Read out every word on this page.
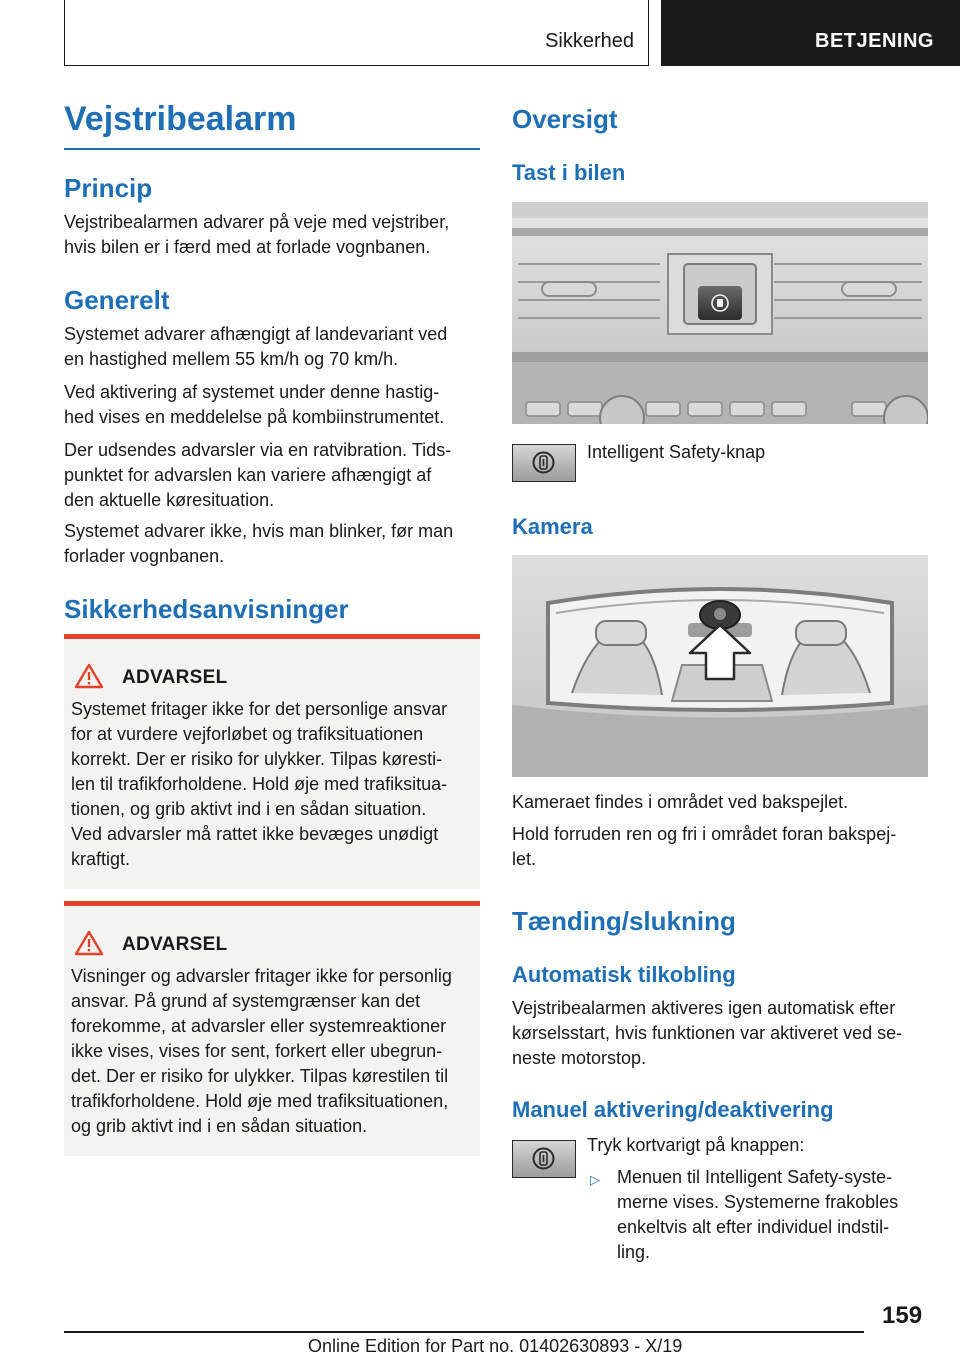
Sikkerhed	BETJENING
Vejstribealarm
Princip
Vejstribealarmen advarer på veje med vejstriber,
hvis bilen er i færd med at forlade vognbanen.
Generelt
Systemet advarer afhængigt af landevariant ved
en hastighed mellem 55 km/h og 70 km/h.
Ved aktivering af systemet under denne hastig‐
hed vises en meddelelse på kombiinstrumentet.
Der udsendes advarsler via en ratvibration. Tids‐
punktet for advarslen kan variere afhængigt af
den aktuelle køresituation.
Systemet advarer ikke, hvis man blinker, før man
forlader vognbanen.
Sikkerhedsanvisninger
ADVARSEL
Systemet fritager ikke for det personlige ansvar
for at vurdere vejforløbet og trafiksituationen
korrekt. Der er risiko for ulykker. Tilpas køresti‐
len til trafikforholdene. Hold øje med trafiksitua‐
tionen, og grib aktivt ind i en sådan situation.
Ved advarsler må rattet ikke bevæges unødigt
kraftigt.
ADVARSEL
Visninger og advarsler fritager ikke for personlig
ansvar. På grund af systemgrænser kan det
forekomme, at advarsler eller systemreaktioner
ikke vises, vises for sent, forkert eller ubegrun‐
det. Der er risiko for ulykker. Tilpas kørestilen til
trafikforholdene. Hold øje med trafiksituationen,
og grib aktivt ind i en sådan situation.
Oversigt
Tast i bilen
Intelligent Safety-knap
Kamera
Kameraet findes i området ved bakspejlet.
Hold forruden ren og fri i området foran bakspej‐
let.
Tænding/slukning
Automatisk tilkobling
Vejstribealarmen aktiveres igen automatisk efter
kørselsstart, hvis funktionen var aktiveret ved se‐
neste motorstop.
Manuel aktivering/deaktivering
Tryk kortvarigt på knappen:
▷ Menuen til Intelligent Safety-syste‐
merne vises. Systemerne frakobles
enkeltvis alt efter individuel indstil‐
ling.
159
Online Edition for Part no. 01402630893 - X/19
